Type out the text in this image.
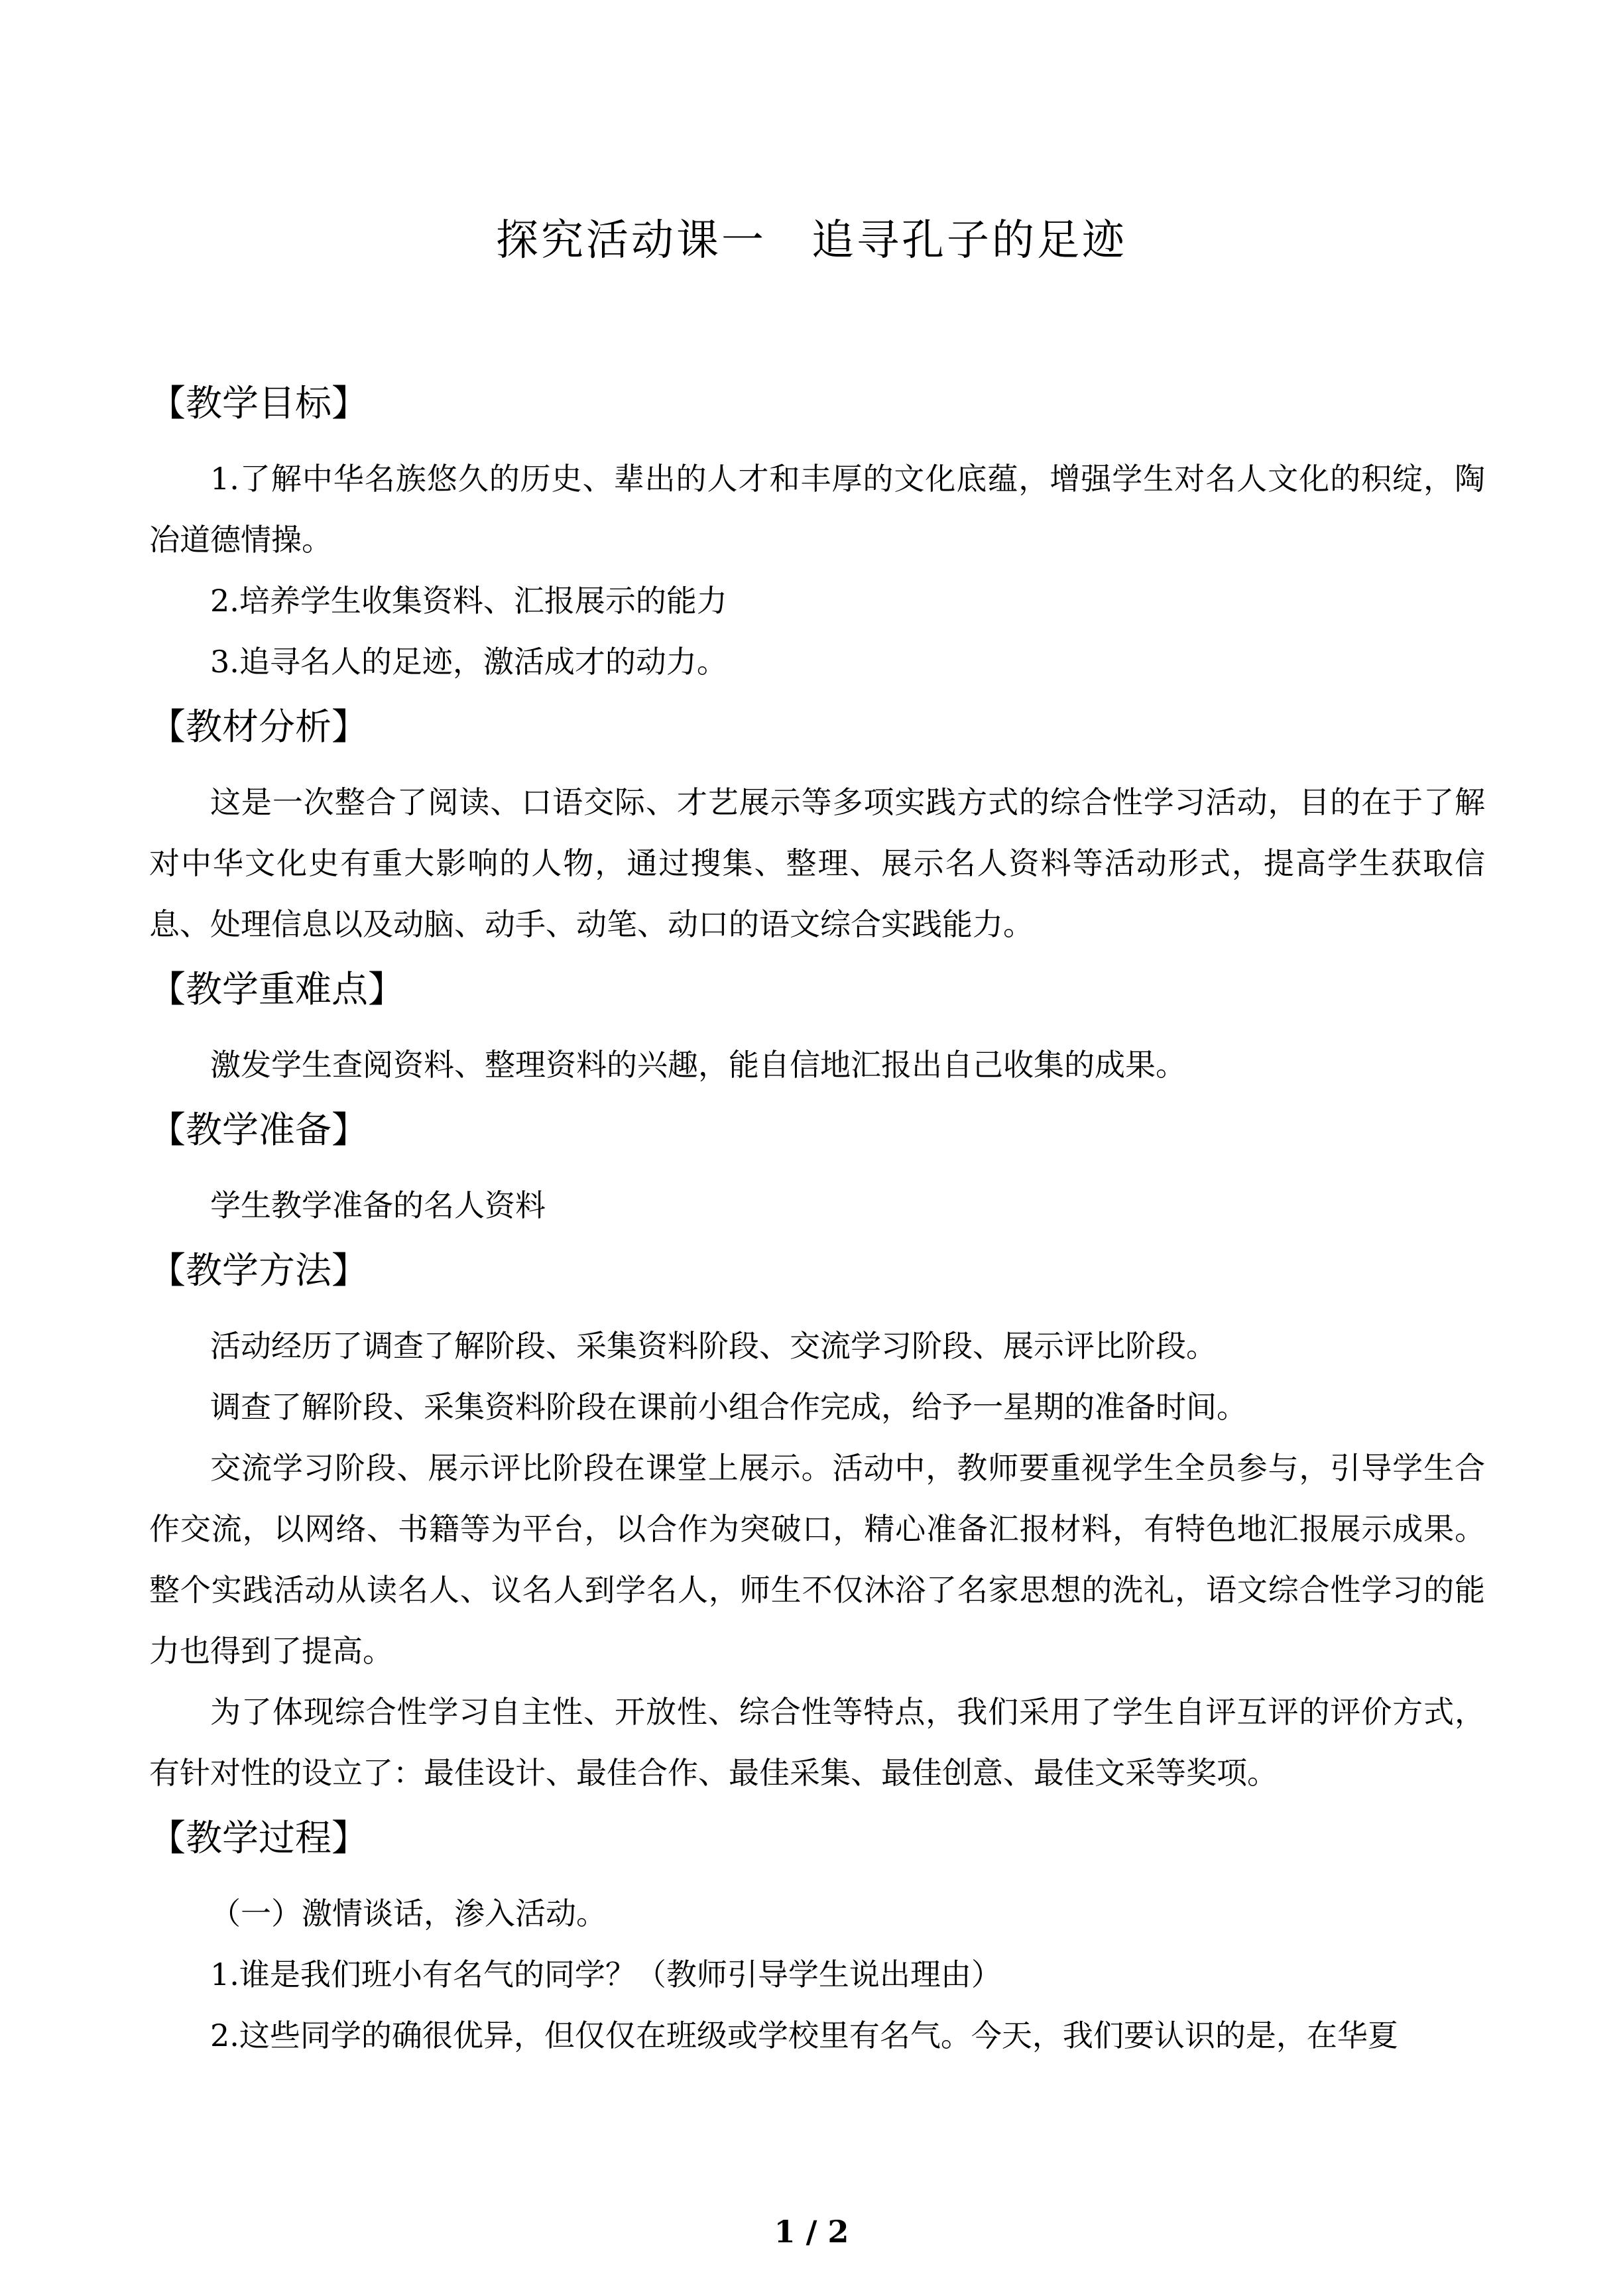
探究活动课一　追寻孔子的足迹
【教学目标】

1.了解中华名族悠久的历史、辈出的人才和丰厚的文化底蕴，增强学生对名人文化的积绽，陶冶道德情操。

2.培养学生收集资料、汇报展示的能力

3.追寻名人的足迹，激活成才的动力。

【教材分析】

这是一次整合了阅读、口语交际、才艺展示等多项实践方式的综合性学习活动，目的在于了解对中华文化史有重大影响的人物，通过搜集、整理、展示名人资料等活动形式，提高学生获取信息、处理信息以及动脑、动手、动笔、动口的语文综合实践能力。

【教学重难点】

激发学生查阅资料、整理资料的兴趣，能自信地汇报出自己收集的成果。

【教学准备】

学生教学准备的名人资料

【教学方法】

活动经历了调查了解阶段、采集资料阶段、交流学习阶段、展示评比阶段。

调查了解阶段、采集资料阶段在课前小组合作完成，给予一星期的准备时间。

交流学习阶段、展示评比阶段在课堂上展示。活动中，教师要重视学生全员参与，引导学生合作交流，以网络、书籍等为平台，以合作为突破口，精心准备汇报材料，有特色地汇报展示成果。整个实践活动从读名人、议名人到学名人，师生不仅沐浴了名家思想的洗礼，语文综合性学习的能力也得到了提高。

为了体现综合性学习自主性、开放性、综合性等特点，我们采用了学生自评互评的评价方式，有针对性的设立了：最佳设计、最佳合作、最佳采集、最佳创意、最佳文采等奖项。

【教学过程】

（一）激情谈话，渗入活动。

1.谁是我们班小有名气的同学？（教师引导学生说出理由）

2.这些同学的确很优异，但仅仅在班级或学校里有名气。今天，我们要认识的是，在华夏

1 / 2
